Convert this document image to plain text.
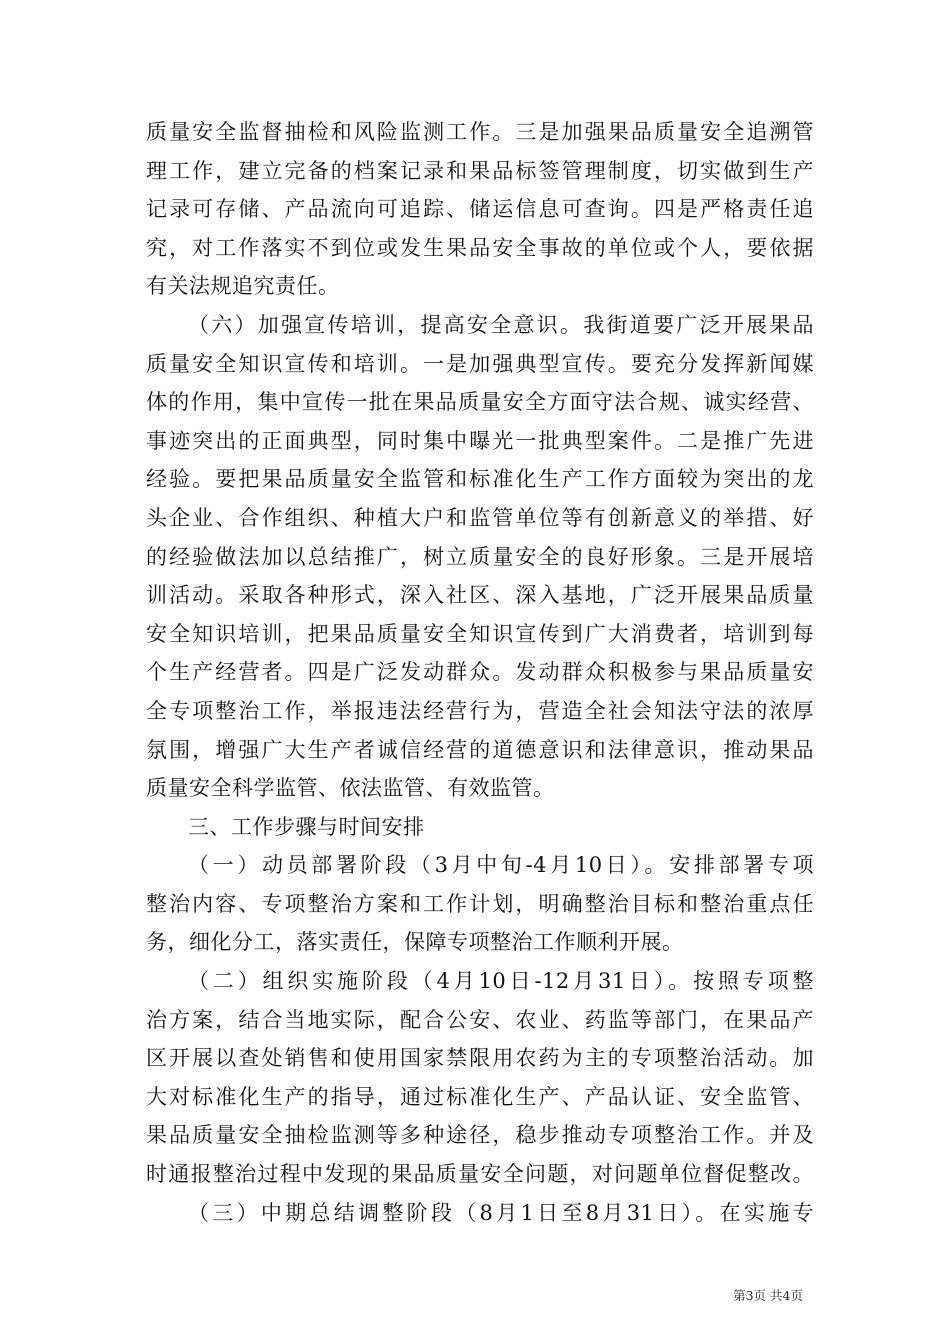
质量安全监督抽检和风险监测工作。三是加强果品质量安全追溯管
理工作，建立完备的档案记录和果品标签管理制度，切实做到生产
记录可存储、产品流向可追踪、储运信息可查询。四是严格责任追
究，对工作落实不到位或发生果品安全事故的单位或个人，要依据
有关法规追究责任。
（六）加强宣传培训，提高安全意识。我街道要广泛开展果品
质量安全知识宣传和培训。一是加强典型宣传。要充分发挥新闻媒
体的作用，集中宣传一批在果品质量安全方面守法合规、诚实经营、
事迹突出的正面典型，同时集中曝光一批典型案件。二是推广先进
经验。要把果品质量安全监管和标准化生产工作方面较为突出的龙
头企业、合作组织、种植大户和监管单位等有创新意义的举措、好
的经验做法加以总结推广，树立质量安全的良好形象。三是开展培
训活动。采取各种形式，深入社区、深入基地，广泛开展果品质量
安全知识培训，把果品质量安全知识宣传到广大消费者，培训到每
个生产经营者。四是广泛发动群众。发动群众积极参与果品质量安
全专项整治工作，举报违法经营行为，营造全社会知法守法的浓厚
氛围，增强广大生产者诚信经营的道德意识和法律意识，推动果品
质量安全科学监管、依法监管、有效监管。
三、工作步骤与时间安排
（一）动员部署阶段（3月中旬-4月10日）。安排部署专项
整治内容、专项整治方案和工作计划，明确整治目标和整治重点任
务，细化分工，落实责任，保障专项整治工作顺利开展。
（二）组织实施阶段（4月10日-12月31日）。按照专项整
治方案，结合当地实际，配合公安、农业、药监等部门，在果品产
区开展以查处销售和使用国家禁限用农药为主的专项整治活动。加
大对标准化生产的指导，通过标准化生产、产品认证、安全监管、
果品质量安全抽检监测等多种途径，稳步推动专项整治工作。并及
时通报整治过程中发现的果品质量安全问题，对问题单位督促整改。
（三）中期总结调整阶段（8月1日至8月31日）。在实施专
第3页 共4页
